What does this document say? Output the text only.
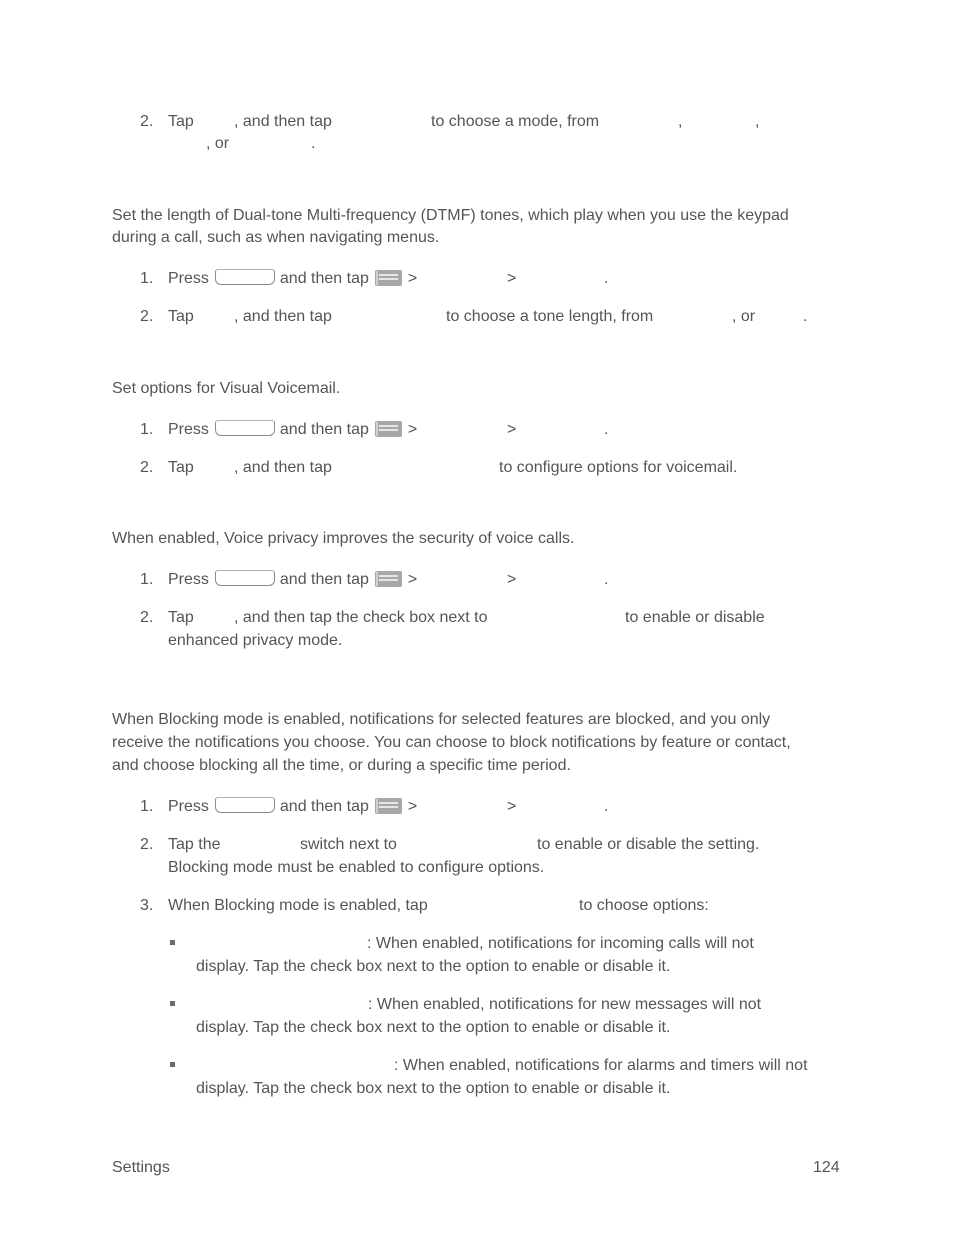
2. Tap	, and then tap	to choose a mode, from	,	,
, or	.
Set the length of Dual-tone Multi-frequency (DTMF) tones, which play when you use the keypad
during a call, such as when navigating menus.
1. Press	and then tap >	>	.
2. Tap	, and then tap	to choose a tone length, from	, or	.
Set options for Visual Voicemail.
1. Press	and then tap >	>	.
2. Tap	, and then tap	to configure options for voicemail.
When enabled, Voice privacy improves the security of voice calls.
1. Press	and then tap >	>	.
2. Tap	, and then tap the check box next to	to enable or disable
enhanced privacy mode.
When Blocking mode is enabled, notifications for selected features are blocked, and you only
receive the notifications you choose. You can choose to block notifications by feature or contact,
and choose blocking all the time, or during a specific time period.
1. Press	and then tap >	>	.
2. Tap the	switch next to	to enable or disable the setting.
Blocking mode must be enabled to configure options.
3. When Blocking mode is enabled, tap	to choose options:
: When enabled, notifications for incoming calls will not
display. Tap the check box next to the option to enable or disable it.
: When enabled, notifications for new messages will not
display. Tap the check box next to the option to enable or disable it.
: When enabled, notifications for alarms and timers will not
display. Tap the check box next to the option to enable or disable it.
Settings	124
